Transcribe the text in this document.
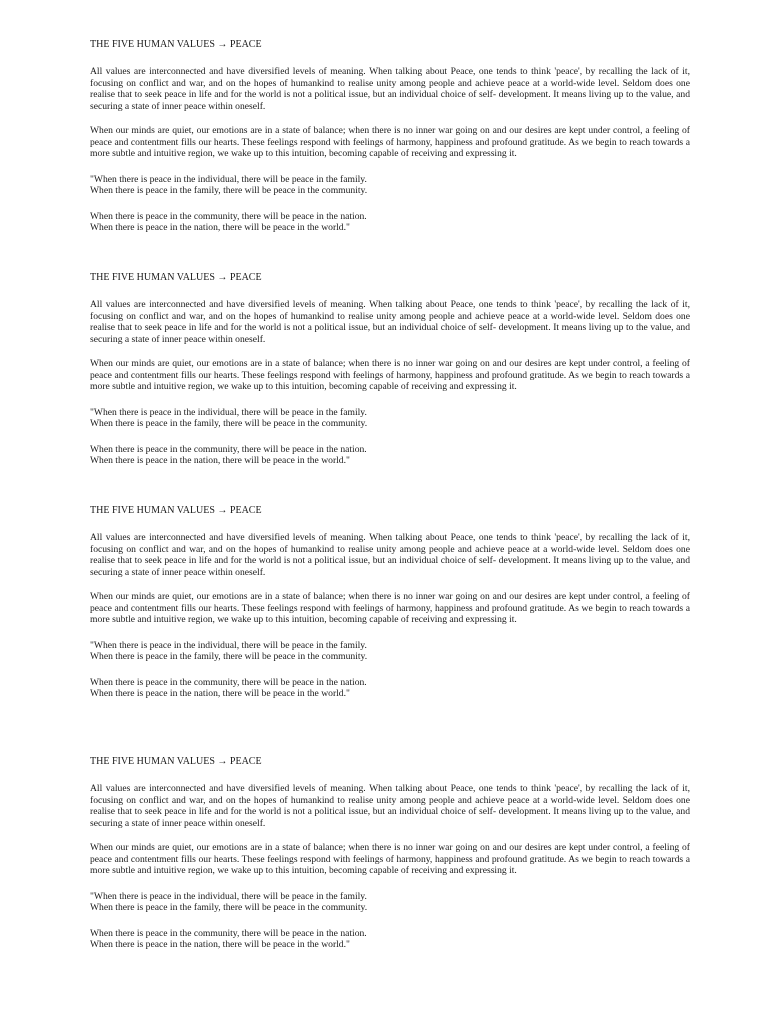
THE FIVE HUMAN VALUES → PEACE

All values are interconnected and have diversified levels of meaning. When talking about Peace, one tends to think 'peace', by recalling the lack of it, focusing on conflict and war, and on the hopes of humankind to realise unity among people and achieve peace at a world-wide level. Seldom does one realise that to seek peace in life and for the world is not a political issue, but an individual choice of self- development. It means living up to the value, and securing a state of inner peace within oneself.

When our minds are quiet, our emotions are in a state of balance; when there is no inner war going on and our desires are kept under control, a feeling of peace and contentment fills our hearts. These feelings respond with feelings of harmony, happiness and profound gratitude. As we begin to reach towards a more subtle and intuitive region, we wake up to this intuition, becoming capable of receiving and expressing it.

"When there is peace in the individual, there will be peace in the family.
When there is peace in the family, there will be peace in the community.
When there is peace in the community, there will be peace in the nation.
When there is peace in the nation, there will be peace in the world."
THE FIVE HUMAN VALUES → PEACE

All values are interconnected and have diversified levels of meaning. When talking about Peace, one tends to think 'peace', by recalling the lack of it, focusing on conflict and war, and on the hopes of humankind to realise unity among people and achieve peace at a world-wide level. Seldom does one realise that to seek peace in life and for the world is not a political issue, but an individual choice of self- development. It means living up to the value, and securing a state of inner peace within oneself.

When our minds are quiet, our emotions are in a state of balance; when there is no inner war going on and our desires are kept under control, a feeling of peace and contentment fills our hearts. These feelings respond with feelings of harmony, happiness and profound gratitude. As we begin to reach towards a more subtle and intuitive region, we wake up to this intuition, becoming capable of receiving and expressing it.

"When there is peace in the individual, there will be peace in the family.
When there is peace in the family, there will be peace in the community.
When there is peace in the community, there will be peace in the nation.
When there is peace in the nation, there will be peace in the world."
THE FIVE HUMAN VALUES → PEACE

All values are interconnected and have diversified levels of meaning. When talking about Peace, one tends to think 'peace', by recalling the lack of it, focusing on conflict and war, and on the hopes of humankind to realise unity among people and achieve peace at a world-wide level. Seldom does one realise that to seek peace in life and for the world is not a political issue, but an individual choice of self- development. It means living up to the value, and securing a state of inner peace within oneself.

When our minds are quiet, our emotions are in a state of balance; when there is no inner war going on and our desires are kept under control, a feeling of peace and contentment fills our hearts. These feelings respond with feelings of harmony, happiness and profound gratitude. As we begin to reach towards a more subtle and intuitive region, we wake up to this intuition, becoming capable of receiving and expressing it.

"When there is peace in the individual, there will be peace in the family.
When there is peace in the family, there will be peace in the community.
When there is peace in the community, there will be peace in the nation.
When there is peace in the nation, there will be peace in the world."
THE FIVE HUMAN VALUES → PEACE

All values are interconnected and have diversified levels of meaning. When talking about Peace, one tends to think 'peace', by recalling the lack of it, focusing on conflict and war, and on the hopes of humankind to realise unity among people and achieve peace at a world-wide level. Seldom does one realise that to seek peace in life and for the world is not a political issue, but an individual choice of self- development. It means living up to the value, and securing a state of inner peace within oneself.

When our minds are quiet, our emotions are in a state of balance; when there is no inner war going on and our desires are kept under control, a feeling of peace and contentment fills our hearts. These feelings respond with feelings of harmony, happiness and profound gratitude. As we begin to reach towards a more subtle and intuitive region, we wake up to this intuition, becoming capable of receiving and expressing it.

"When there is peace in the individual, there will be peace in the family.
When there is peace in the family, there will be peace in the community.
When there is peace in the community, there will be peace in the nation.
When there is peace in the nation, there will be peace in the world."
